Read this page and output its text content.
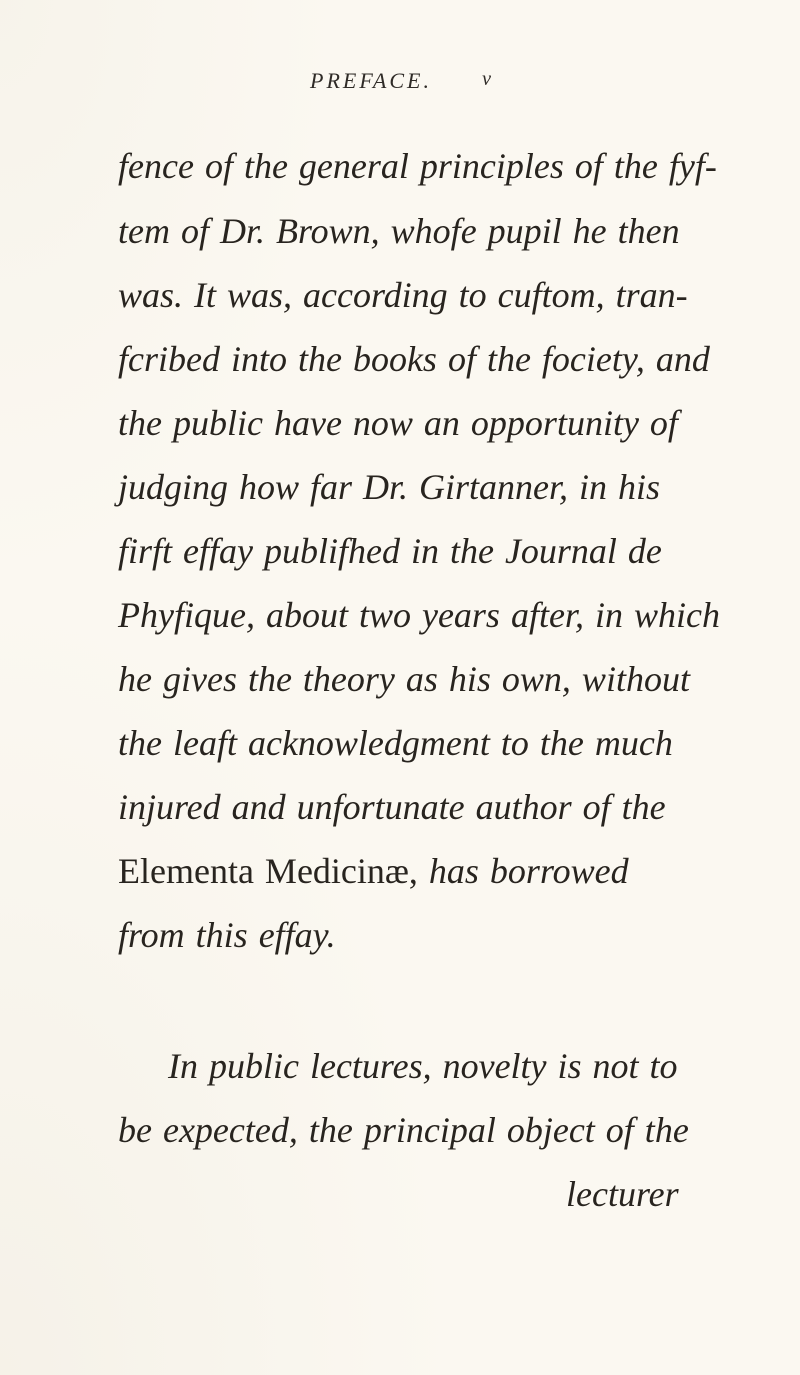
PREFACE.	v

fence of the general principles of the fyf-

tem of Dr. Brown, whofe pupil he then

was. It was, according to cuftom, tran-

fcribed into the books of the fociety, and

the public have now an opportunity of

judging how far Dr. Girtanner, in his

firft effay publifhed in the Journal de

Phyfique, about two years after, in which

he gives the theory as his own, without

the leaft acknowledgment to the much

injured and unfortunate author of the

Elementa Medicinæ, has borrowed

from this effay.

In public lectures, novelty is not to

be expected, the principal object of the

lecturer
